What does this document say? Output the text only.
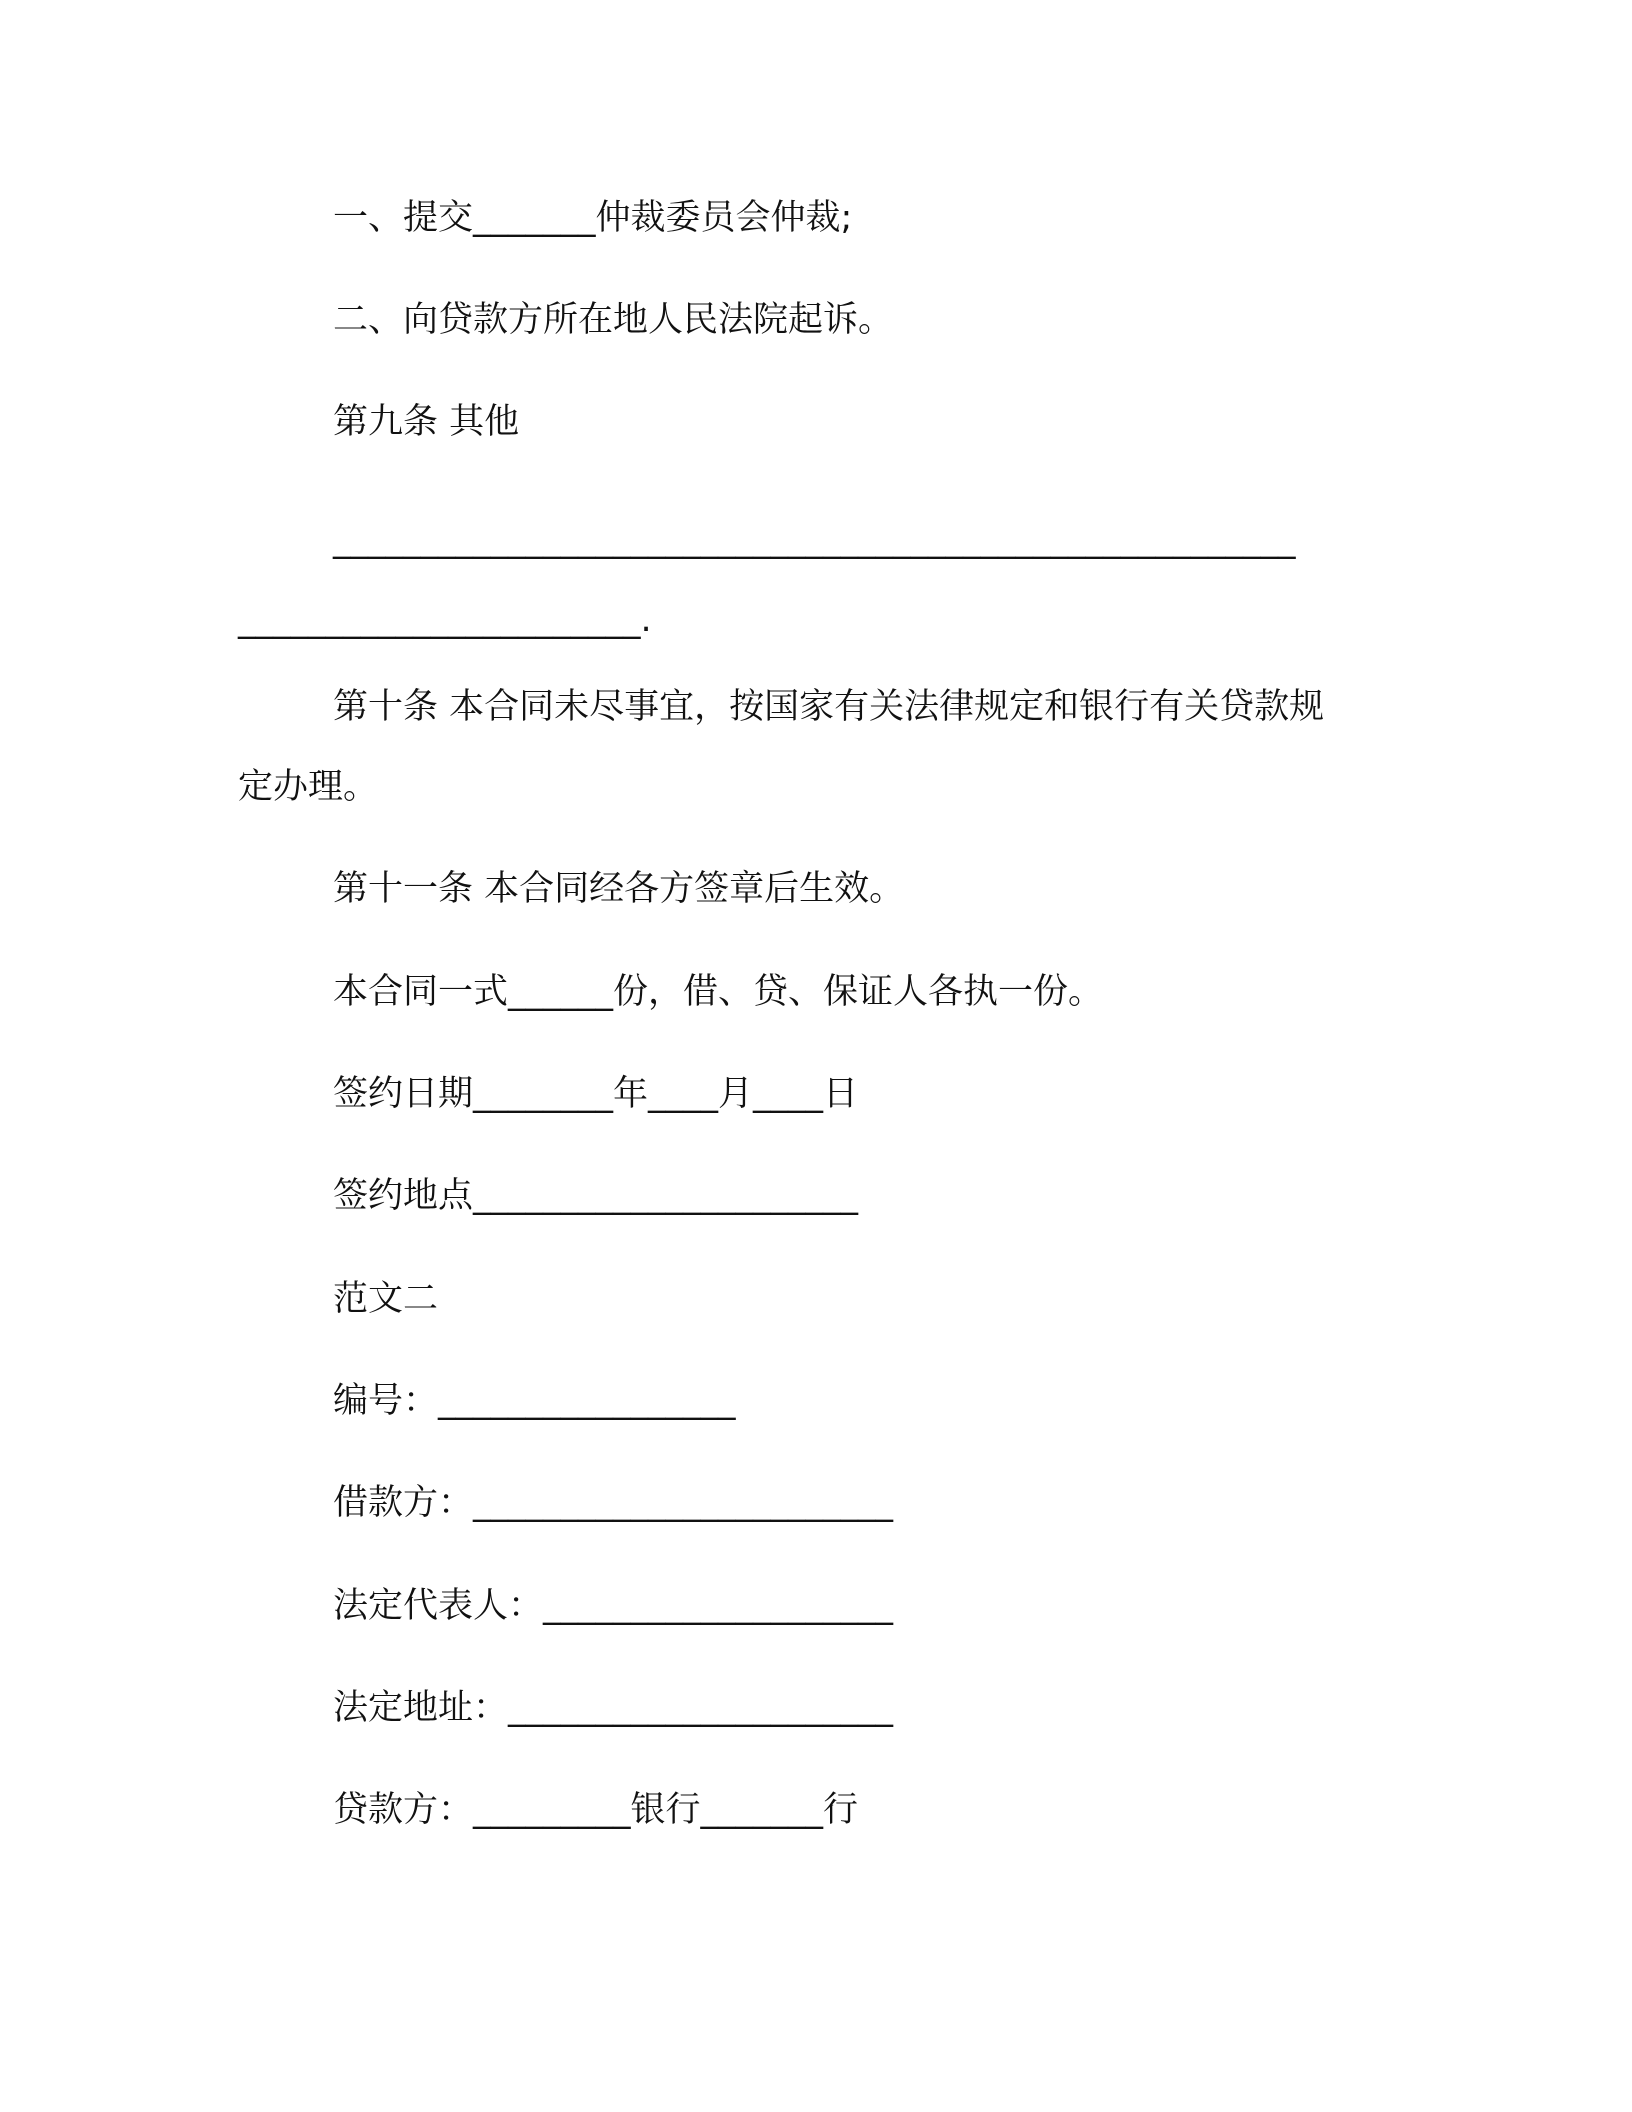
一、提交_______仲裁委员会仲裁;
二、向贷款方所在地人民法院起诉。
第九条 其他
_______________________________________________________
_______________________.
第十条 本合同未尽事宜，按国家有关法律规定和银行有关贷款规
定办理。
第十一条 本合同经各方签章后生效。
本合同一式______份，借、贷、保证人各执一份。
签约日期________年____月____日
签约地点______________________
范文二
编号：_________________
借款方：________________________
法定代表人：____________________
法定地址：______________________
贷款方：_________银行_______行
